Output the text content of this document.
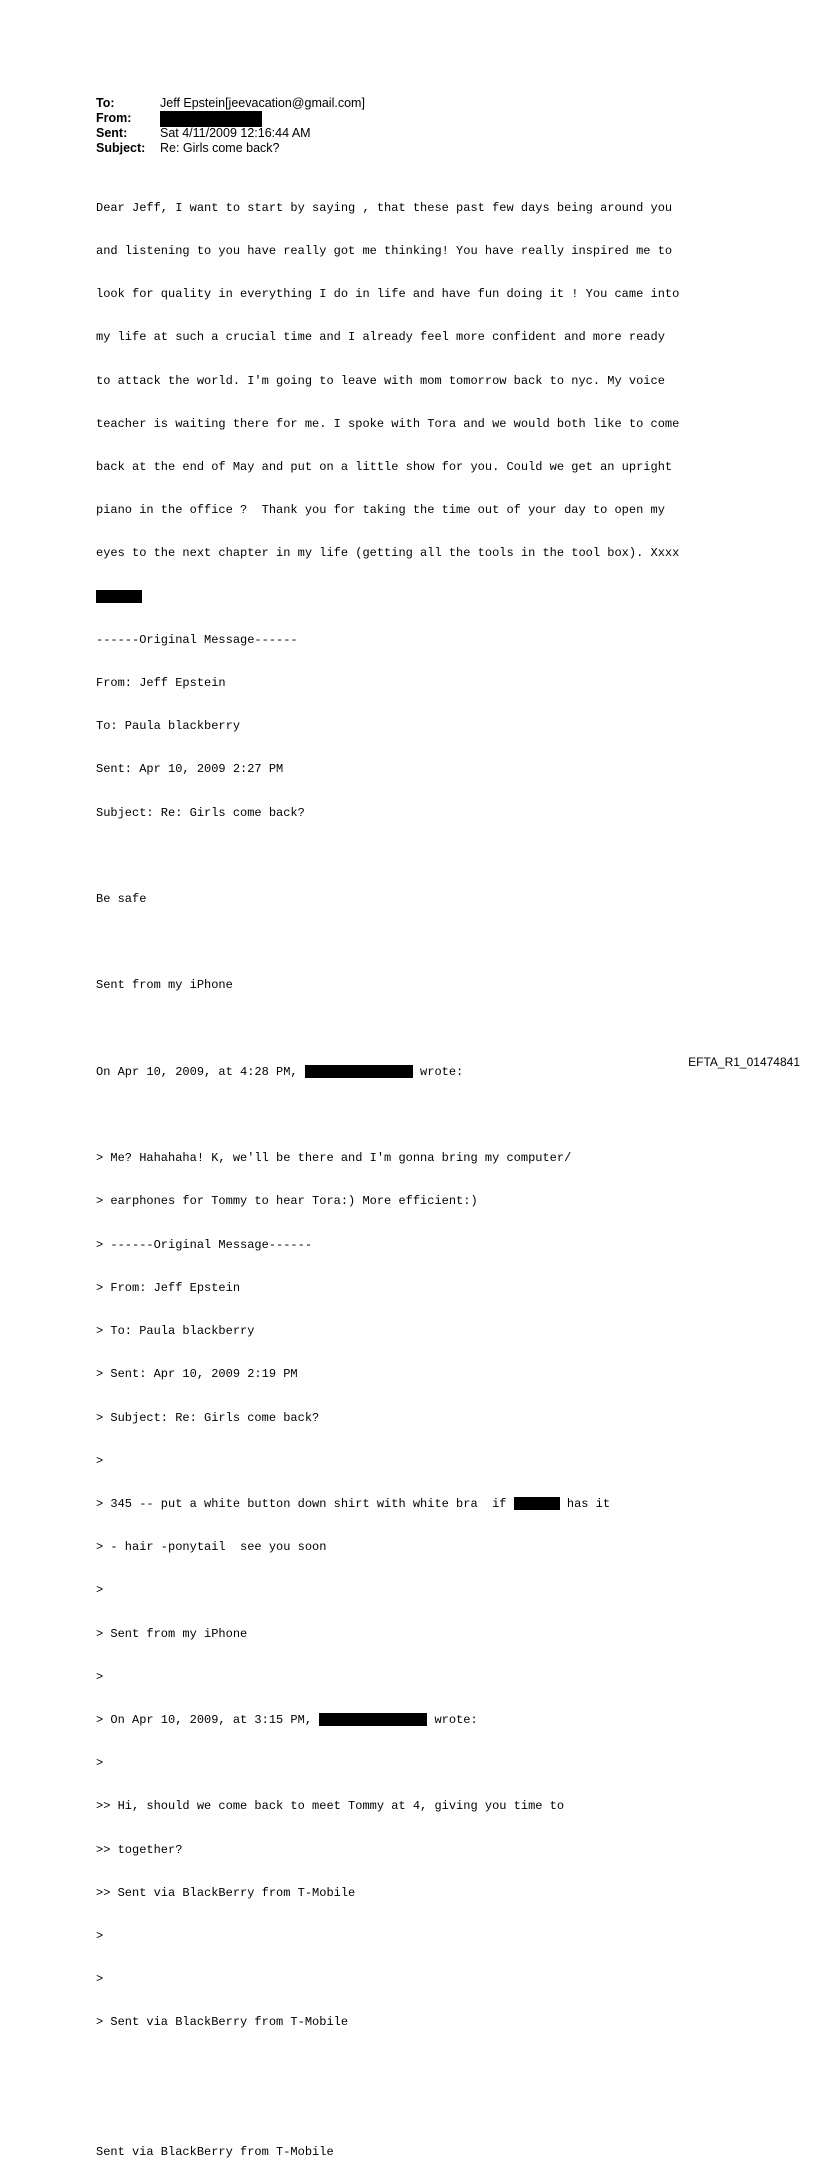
To:	Jeff Epstein[jeevacation@gmail.com]
From:
Sent:	Sat 4/11/2009 12:16:44 AM
Subject:	Re: Girls come back?

Dear Jeff, I want to start by saying , that these past few days being around you

and listening to you have really got me thinking! You have really inspired me to

look for quality in everything I do in life and have fun doing it ! You came into

my life at such a crucial time and I already feel more confident and more ready

to attack the world. I'm going to leave with mom tomorrow back to nyc. My voice

teacher is waiting there for me. I spoke with Tora and we would both like to come

back at the end of May and put on a little show for you. Could we get an upright

piano in the office ?  Thank you for taking the time out of your day to open my

eyes to the next chapter in my life (getting all the tools in the tool box). Xxxx

------Original Message------

From: Jeff Epstein

To: Paula blackberry

Sent: Apr 10, 2009 2:27 PM

Subject: Re: Girls come back?

Be safe

Sent from my iPhone

On Apr 10, 2009, at 4:28 PM,	wrote:

> Me? Hahahaha! K, we'll be there and I'm gonna bring my computer/

> earphones for Tommy to hear Tora:) More efficient:)

> ------Original Message------

> From: Jeff Epstein

> To: Paula blackberry

> Sent: Apr 10, 2009 2:19 PM

> Subject: Re: Girls come back?

>

> 345 -- put a white button down shirt with white bra  if	has it

> - hair -ponytail  see you soon

>

> Sent from my iPhone

>

> On Apr 10, 2009, at 3:15 PM,	wrote:

>

>> Hi, should we come back to meet Tommy at 4, giving you time to

>> together?

>> Sent via BlackBerry from T-Mobile

>

>

> Sent via BlackBerry from T-Mobile

Sent via BlackBerry from T-Mobile

EFTA_R1_01474841
